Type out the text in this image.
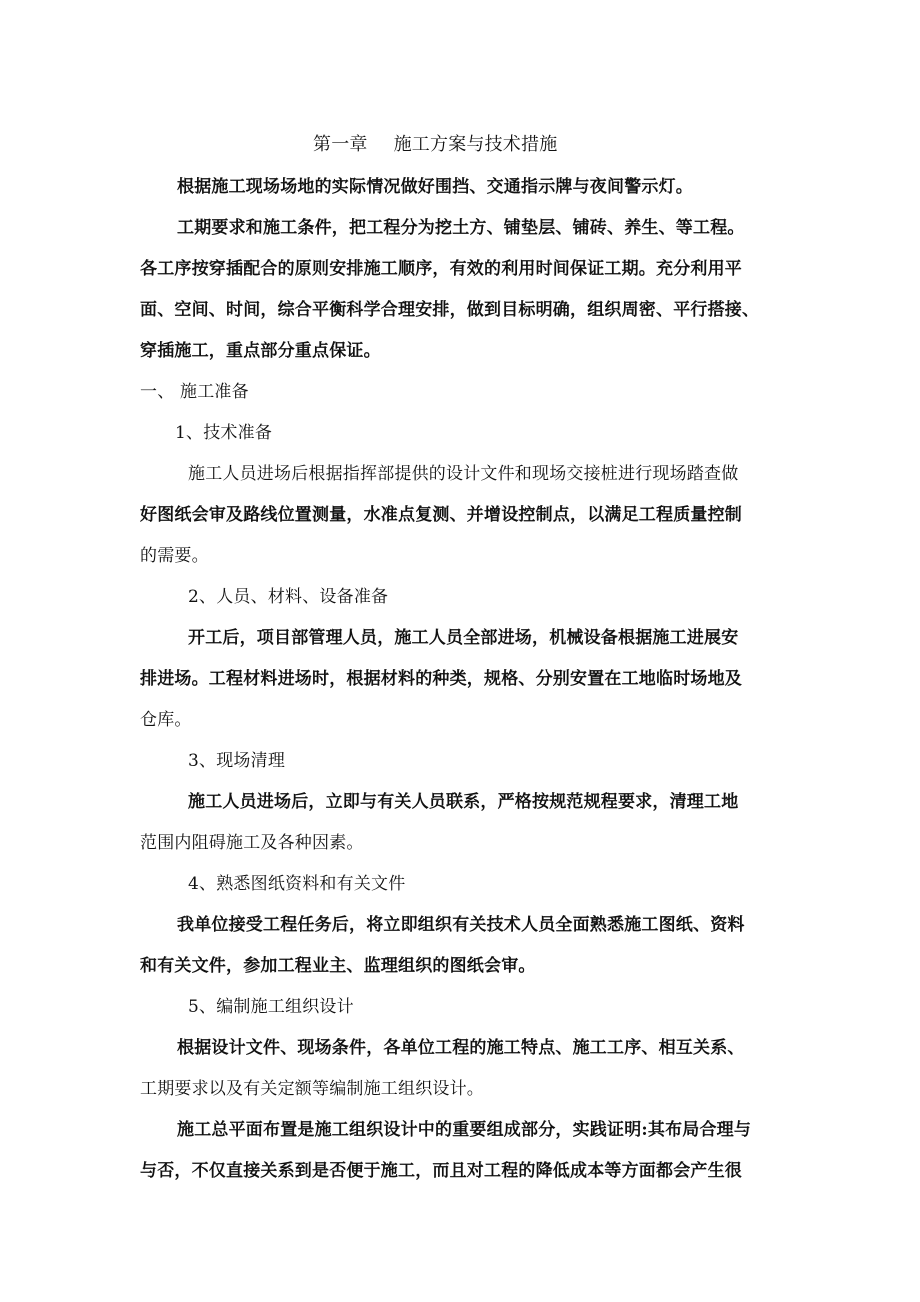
第一章 施工方案与技术措施
根据施工现场场地的实际情况做好围挡、交通指示牌与夜间警示灯。
工期要求和施工条件，把工程分为挖土方、铺垫层、铺砖、养生、等工程。
各工序按穿插配合的原则安排施工顺序，有效的利用时间保证工期。充分利用平
面、空间、时间，综合平衡科学合理安排，做到目标明确，组织周密、平行搭接、
穿插施工，重点部分重点保证。
一、 施工准备
1、技术准备
施工人员进场后根据指挥部提供的设计文件和现场交接桩进行现场踏查做
好图纸会审及路线位置测量，水准点复测、并增设控制点，以满足工程质量控制
的需要。
2、人员、材料、设备准备
开工后，项目部管理人员，施工人员全部进场，机械设备根据施工进展安
排进场。工程材料进场时，根据材料的种类，规格、分别安置在工地临时场地及
仓库。
3、现场清理
施工人员进场后，立即与有关人员联系，严格按规范规程要求，清理工地
范围内阻碍施工及各种因素。
4、熟悉图纸资料和有关文件
我单位接受工程任务后，将立即组织有关技术人员全面熟悉施工图纸、资料
和有关文件，参加工程业主、监理组织的图纸会审。
5、编制施工组织设计
根据设计文件、现场条件，各单位工程的施工特点、施工工序、相互关系、
工期要求以及有关定额等编制施工组织设计。
施工总平面布置是施工组织设计中的重要组成部分，实践证明:其布局合理与
与否，不仅直接关系到是否便于施工，而且对工程的降低成本等方面都会产生很
